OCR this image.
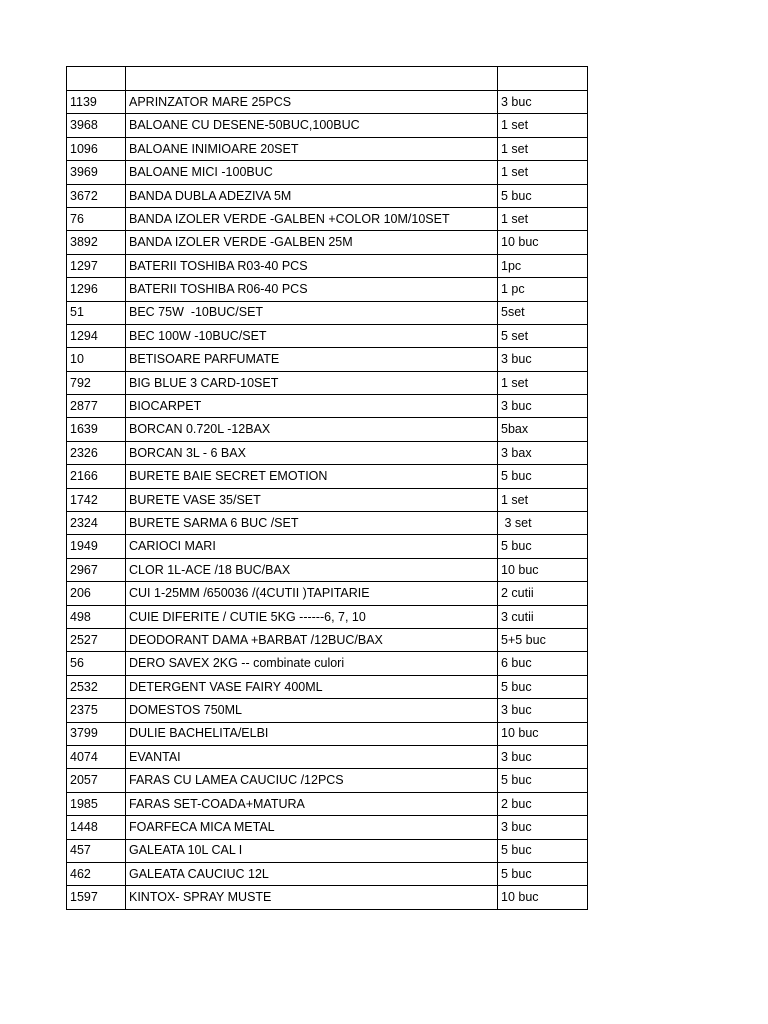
1139	APRINZATOR MARE 25PCS	3 buc
3968	BALOANE CU DESENE-50BUC,100BUC	1 set
1096	BALOANE INIMIOARE 20SET	1 set
3969	BALOANE MICI -100BUC	1 set
3672	BANDA DUBLA ADEZIVA 5M	5 buc
76	BANDA IZOLER VERDE -GALBEN +COLOR 10M/10SET	1 set
3892	BANDA IZOLER VERDE -GALBEN 25M	10 buc
1297	BATERII TOSHIBA R03-40 PCS	1pc
1296	BATERII TOSHIBA R06-40 PCS	1 pc
51	BEC 75W  -10BUC/SET	5set
1294	BEC 100W -10BUC/SET	5 set
10	BETISOARE PARFUMATE	3 buc
792	BIG BLUE 3 CARD-10SET	1 set
2877	BIOCARPET	3 buc
1639	BORCAN 0.720L -12BAX	5bax
2326	BORCAN 3L - 6 BAX	3 bax
2166	BURETE BAIE SECRET EMOTION	5 buc
1742	BURETE VASE 35/SET	1 set
2324	BURETE SARMA 6 BUC /SET	3 set
1949	CARIOCI MARI	5 buc
2967	CLOR 1L-ACE /18 BUC/BAX	10 buc
206	CUI 1-25MM /650036 /(4CUTII )TAPITARIE	2 cutii
498	CUIE DIFERITE / CUTIE 5KG ------6, 7, 10	3 cutii
2527	DEODORANT DAMA +BARBAT /12BUC/BAX	5+5 buc
56	DERO SAVEX 2KG -- combinate culori	6 buc
2532	DETERGENT VASE FAIRY 400ML	5 buc
2375	DOMESTOS 750ML	3 buc
3799	DULIE BACHELITA/ELBI	10 buc
4074	EVANTAI	3 buc
2057	FARAS CU LAMEA CAUCIUC /12PCS	5 buc
1985	FARAS SET-COADA+MATURA	2 buc
1448	FOARFECA MICA METAL	3 buc
457	GALEATA 10L CAL I	5 buc
462	GALEATA CAUCIUC 12L	5 buc
1597	KINTOX- SPRAY MUSTE	10 buc
